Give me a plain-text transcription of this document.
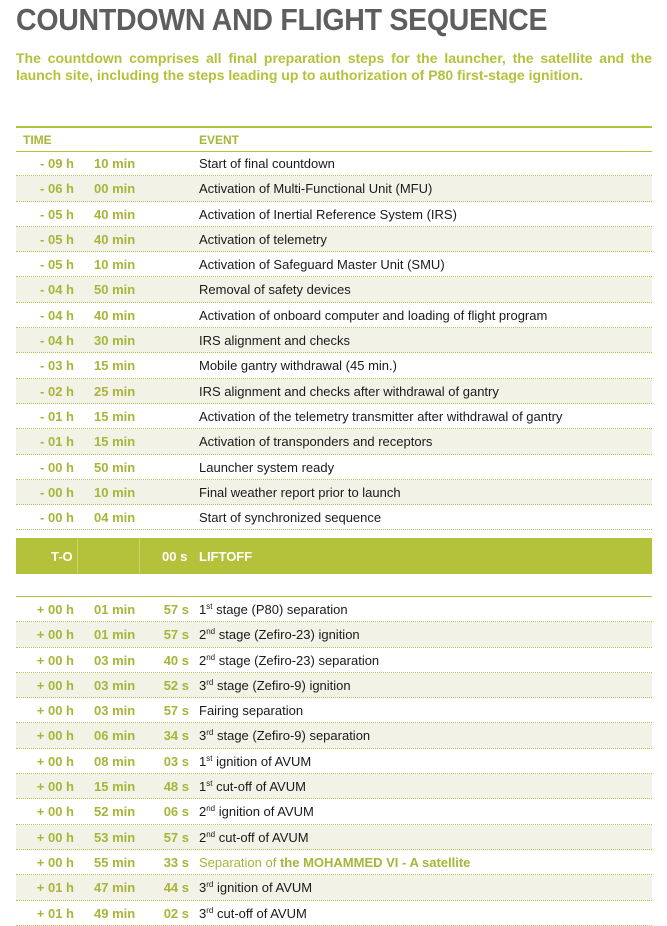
COUNTDOWN AND FLIGHT SEQUENCE
The countdown comprises all final preparation steps for the launcher, the satellite and the launch site, including the steps leading up to authorization of P80 first-stage ignition.
TIME	EVENT
- 09 h 10 min	Start of final countdown
- 06 h 00 min	Activation of Multi-Functional Unit (MFU)
- 05 h 40 min	Activation of Inertial Reference System (IRS)
- 05 h 40 min	Activation of telemetry
- 05 h 10 min	Activation of Safeguard Master Unit (SMU)
- 04 h 50 min	Removal of safety devices
- 04 h 40 min	Activation of onboard computer and loading of flight program
- 04 h 30 min	IRS alignment and checks
- 03 h 15 min	Mobile gantry withdrawal (45 min.)
- 02 h 25 min	IRS alignment and checks after withdrawal of gantry
- 01 h 15 min	Activation of the telemetry transmitter after withdrawal of gantry
- 01 h 15 min	Activation of transponders and receptors
- 00 h 50 min	Launcher system ready
- 00 h 10 min	Final weather report prior to launch
- 00 h 04 min	Start of synchronized sequence
T-O	00 s LIFTOFF
+ 00 h 01 min	57 s 1st stage (P80) separation
+ 00 h 01 min	57 s 2nd stage (Zefiro-23) ignition
+ 00 h 03 min	40 s 2nd stage (Zefiro-23) separation
+ 00 h 03 min	52 s 3rd stage (Zefiro-9) ignition
+ 00 h 03 min	57 s Fairing separation
+ 00 h 06 min	34 s 3rd stage (Zefiro-9) separation
+ 00 h 08 min	03 s 1st ignition of AVUM
+ 00 h 15 min	48 s 1st cut-off of AVUM
+ 00 h 52 min	06 s 2nd ignition of AVUM
+ 00 h 53 min	57 s 2nd cut-off of AVUM
+ 00 h 55 min	33 s Separation of the MOHAMMED VI - A satellite
+ 01 h 47 min	44 s 3rd ignition of AVUM
+ 01 h 49 min	02 s 3rd cut-off of AVUM
